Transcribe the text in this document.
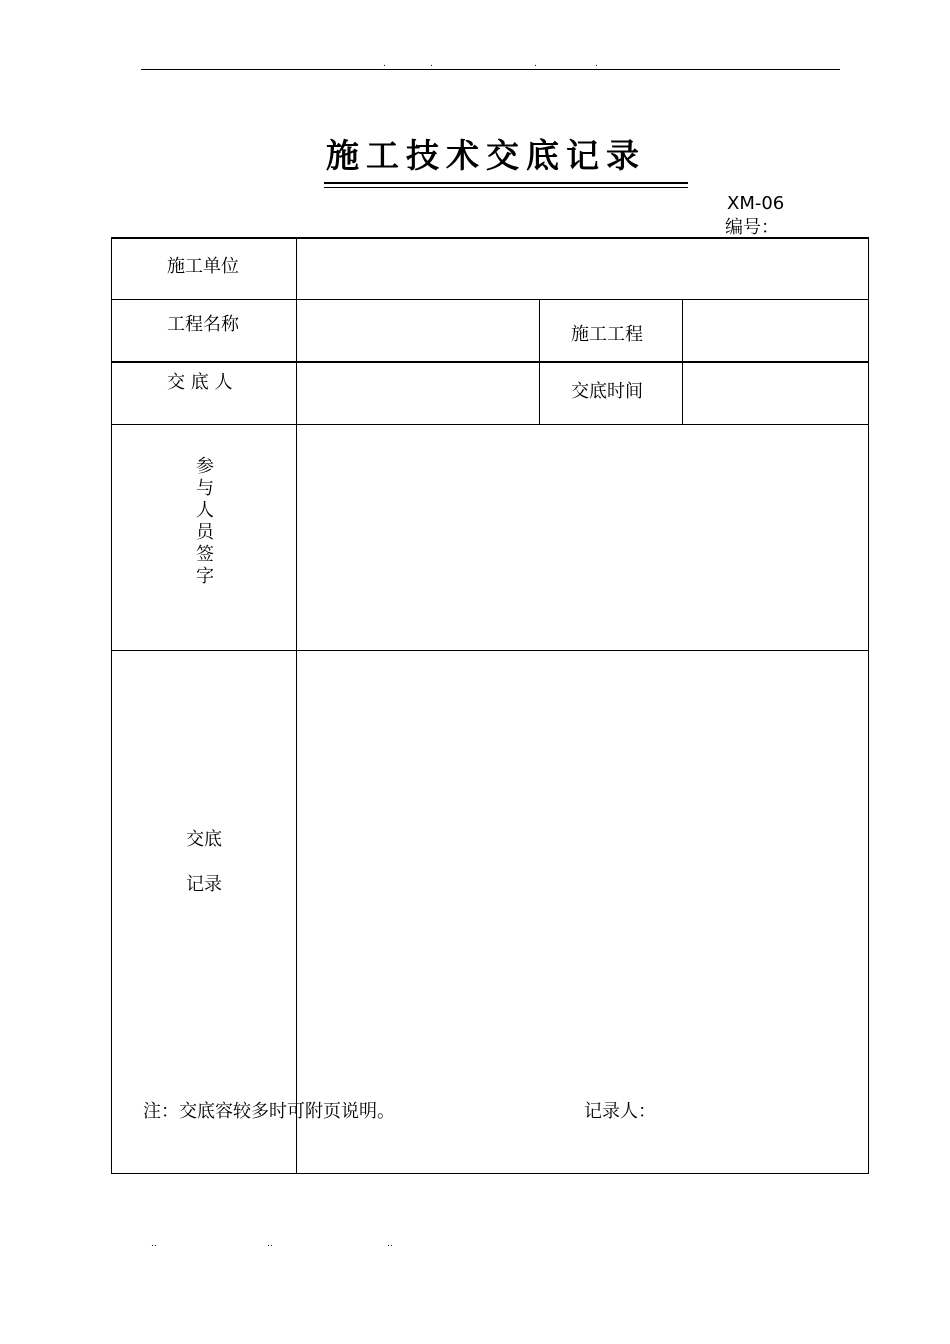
.	.	.	.
施工技术交底记录
XM-06
编号：
施工单位
工程名称	施工工程
交 底 人	交底时间
参
与
人
员
签
字
交底
记录
注：交底容较多时可附页说明。	记录人：
..	..	..
